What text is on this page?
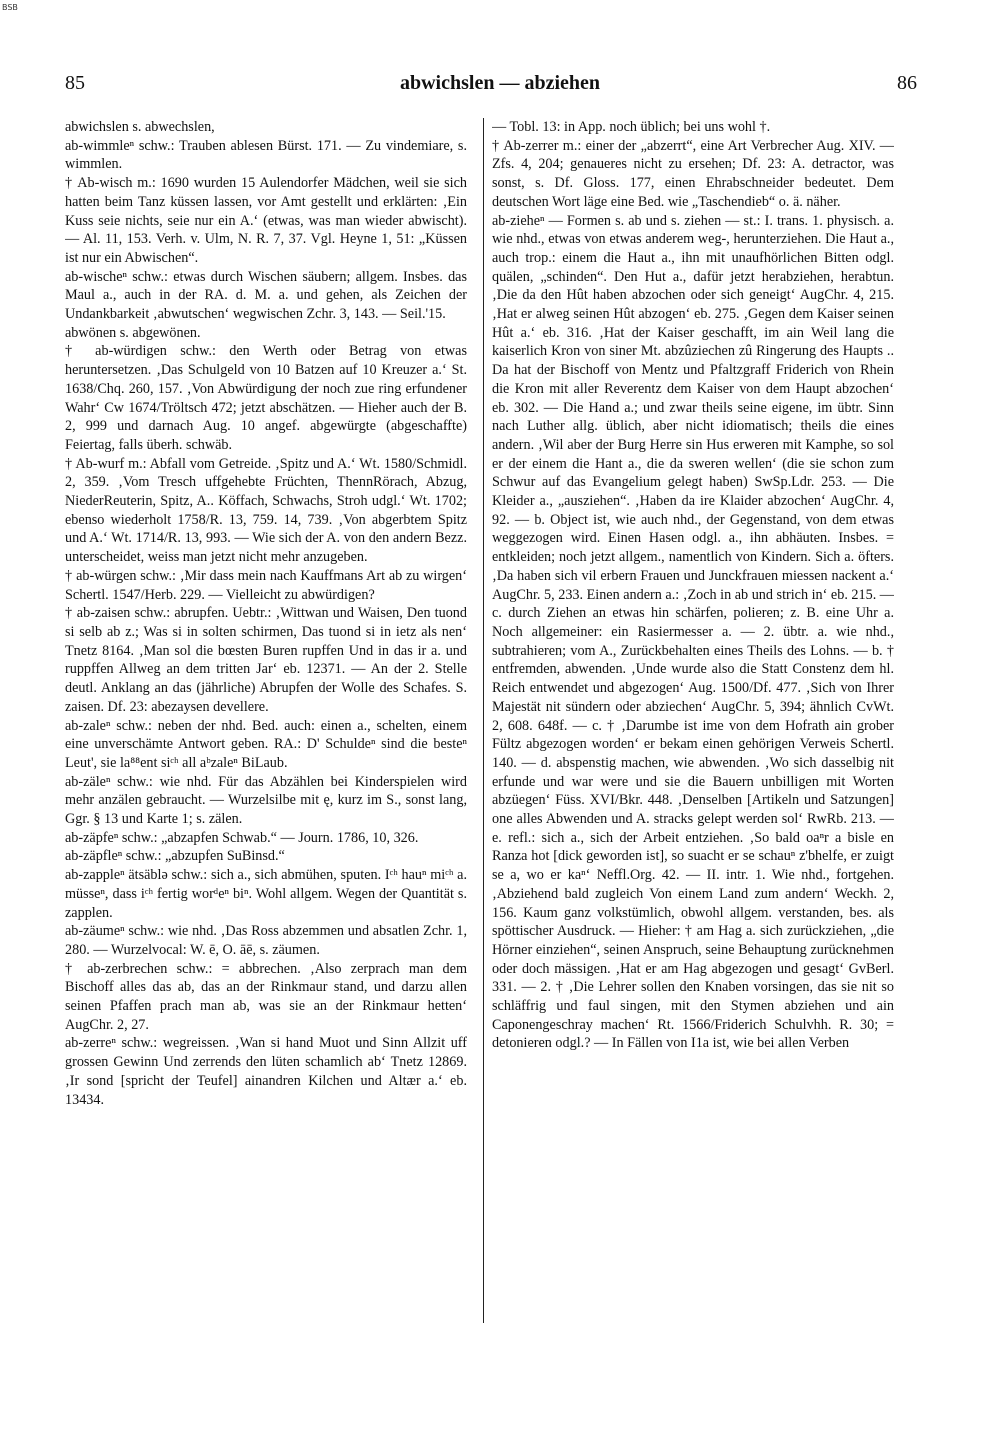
BSB
85	abwichslen — abziehen	86

abwichslen s. abwechslen,

ab-wimmleⁿ schw.: Trauben ablesen Bürst. 171. — Zu vindemiare, s. wimmlen.

† Ab-wisch m.: 1690 wurden 15 Aulendorfer Mädchen, weil sie sich hatten beim Tanz küssen lassen, vor Amt gestellt und erklärten: ‚Ein Kuss seie nichts, seie nur ein A.‘ (etwas, was man wieder abwischt). — Al. 11, 153. Verh. v. Ulm, N. R. 7, 37. Vgl. Heyne 1, 51: „Küssen ist nur ein Abwischen“.

ab-wischeⁿ schw.: etwas durch Wischen säubern; allgem. Insbes. das Maul a., auch in der RA. d. M. a. und gehen, als Zeichen der Undankbarkeit ‚abwutschen‘ wegwischen Zchr. 3, 143. — Seil.'15.

abwönen s. abgewönen.

† ab-würdigen schw.: den Werth oder Betrag von etwas heruntersetzen. ‚Das Schulgeld von 10 Batzen auf 10 Kreuzer a.‘ St. 1638/Chq. 260, 157. ‚Von Abwürdigung der noch zue ring erfundener Wahr‘ Cw 1674/Tröltsch 472; jetzt abschätzen. — Hieher auch der B. 2, 999 und darnach Aug. 10 angef. abgewürgte (abgeschaffte) Feiertag, falls überh. schwäb.

† Ab-wurf m.: Abfall vom Getreide. ‚Spitz und A.‘ Wt. 1580/Schmidl. 2, 359. ‚Vom Tresch uffgehebte Früchten, ThennRörach, Abzug, NiederReuterin, Spitz, A.. Köffach, Schwachs, Stroh udgl.‘ Wt. 1702; ebenso wiederholt 1758/R. 13, 759. 14, 739. ‚Von abgerbtem Spitz und A.‘ Wt. 1714/R. 13, 993. — Wie sich der A. von den andern Bezz. unterscheidet, weiss man jetzt nicht mehr anzugeben.

† ab-würgen schw.: ‚Mir dass mein nach Kauffmans Art ab zu wirgen‘ Schertl. 1547/Herb. 229. — Vielleicht zu abwürdigen?

† ab-zaisen schw.: abrupfen. Uebtr.: ‚Wittwan und Waisen, Den tuond si selb ab z.; Was si in solten schirmen, Das tuond si in ietz als nen‘ Tnetz 8164. ‚Man sol die bœsten Buren rupffen Und in das ir a. und ruppffen Allweg an dem tritten Jar‘ eb. 12371. — An der 2. Stelle deutl. Anklang an das (jährliche) Abrupfen der Wolle des Schafes. S. zaisen. Df. 23: abezaysen devellere.

ab-zaleⁿ schw.: neben der nhd. Bed. auch: einen a., schelten, einem eine unverschämte Antwort geben. RA.: D' Schuldeⁿ sind die besteⁿ Leut', sie la⁸⁸ent siᶜʰ all aᵇzaleⁿ BiLaub.

ab-zäleⁿ schw.: wie nhd. Für das Abzählen bei Kinderspielen wird mehr anzälen gebraucht. — Wurzelsilbe mit ę, kurz im S., sonst lang, Ggr. § 13 und Karte 1; s. zälen.

ab-zäpfeⁿ schw.: „abzapfen Schwab.“ — Journ. 1786, 10, 326.

ab-zäpfleⁿ schw.: „abzupfen SuBinsd.“

ab-zappleⁿ ätsäblə schw.: sich a., sich abmühen, sputen. Iᶜʰ hauⁿ miᶜʰ a. müsseⁿ, dass iᶜʰ fertig worᵈeⁿ biⁿ. Wohl allgem. Wegen der Quantität s. zapplen.

ab-zäumeⁿ schw.: wie nhd. ‚Das Ross abzemmen und absatlen Zchr. 1, 280. — Wurzelvocal: W. ē, O. āē, s. zäumen.

† ab-zerbrechen schw.: = abbrechen. ‚Also zerprach man dem Bischoff alles das ab, das an der Rinkmaur stand, und darzu allen seinen Pfaffen prach man ab, was sie an der Rinkmaur hetten‘ AugChr. 2, 27.

ab-zerreⁿ schw.: wegreissen. ‚Wan si hand Muot und Sinn Allzit uff grossen Gewinn Und zerrends den lüten schamlich ab‘ Tnetz 12869. ‚Ir sond [spricht der Teufel] ainandren Kilchen und Altær a.‘ eb. 13434.

— Tobl. 13: in App. noch üblich; bei uns wohl †.

† Ab-zerrer m.: einer der „abzerrt“, eine Art Verbrecher Aug. XIV. — Zfs. 4, 204; genaueres nicht zu ersehen; Df. 23: A. detractor, was sonst, s. Df. Gloss. 177, einen Ehrabschneider bedeutet. Dem deutschen Wort läge eine Bed. wie „Taschendieb“ o. ä. näher.

ab-zieheⁿ — Formen s. ab und s. ziehen — st.: I. trans. 1. physisch. a. wie nhd., etwas von etwas anderem weg-, herunterziehen. Die Haut a., auch trop.: einem die Haut a., ihn mit unaufhörlichen Bitten odgl. quälen, „schinden“. Den Hut a., dafür jetzt herabziehen, herabtun. ‚Die da den Hût haben abzochen oder sich geneigt‘ AugChr. 4, 215. ‚Hat er alweg seinen Hût abzogen‘ eb. 275. ‚Gegen dem Kaiser seinen Hût a.‘ eb. 316. ‚Hat der Kaiser geschafft, im ain Weil lang die kaiserlich Kron von siner Mt. abzûziechen zû Ringerung des Haupts .. Da hat der Bischoff von Mentz und Pfaltzgraff Friderich von Rhein die Kron mit aller Reverentz dem Kaiser von dem Haupt abzochen‘ eb. 302. — Die Hand a.; und zwar theils seine eigene, im übtr. Sinn nach Luther allg. üblich, aber nicht idiomatisch; theils die eines andern. ‚Wil aber der Burg Herre sin Hus erweren mit Kamphe, so sol er der einem die Hant a., die da sweren wellen‘ (die sie schon zum Schwur auf das Evangelium gelegt haben) SwSp.Ldr. 253. — Die Kleider a., „ausziehen“. ‚Haben da ire Klaider abzochen‘ AugChr. 4, 92. — b. Object ist, wie auch nhd., der Gegenstand, von dem etwas weggezogen wird. Einen Hasen odgl. a., ihn abhäuten. Insbes. = entkleiden; noch jetzt allgem., namentlich von Kindern. Sich a. öfters. ‚Da haben sich vil erbern Frauen und Junckfrauen miessen nackent a.‘ AugChr. 5, 233. Einen andern a.: ‚Zoch in ab und strich in‘ eb. 215. — c. durch Ziehen an etwas hin schärfen, polieren; z. B. eine Uhr a. Noch allgemeiner: ein Rasiermesser a. — 2. übtr. a. wie nhd., subtrahieren; vom A., Zurückbehalten eines Theils des Lohns. — b. † entfremden, abwenden. ‚Unde wurde also die Statt Constenz dem hl. Reich entwendet und abgezogen‘ Aug. 1500/Df. 477. ‚Sich von Ihrer Majestät nit sündern oder abziechen‘ AugChr. 5, 394; ähnlich CvWt. 2, 608. 648f. — c. † ‚Darumbe ist ime von dem Hofrath ain grober Fültz abgezogen worden‘ er bekam einen gehörigen Verweis Schertl. 140. — d. abspenstig machen, wie abwenden. ‚Wo sich dasselbig nit erfunde und war were und sie die Bauern unbilligen mit Worten abzüegen‘ Füss. XVI/Bkr. 448. ‚Denselben [Artikeln und Satzungen] one alles Abwenden und A. stracks gelept werden sol‘ RwRb. 213. — e. refl.: sich a., sich der Arbeit entziehen. ‚So bald oaⁿr a bisle en Ranza hot [dick geworden ist], so suacht er se schauⁿ z'bhelfe, er zuigt se a, wo er kaⁿ‘ Neffl.Org. 42. — II. intr. 1. Wie nhd., fortgehen. ‚Abziehend bald zugleich Von einem Land zum andern‘ Weckh. 2, 156. Kaum ganz volkstümlich, obwohl allgem. verstanden, bes. als spöttischer Ausdruck. — Hieher: † am Hag a. sich zurückziehen, „die Hörner einziehen“, seinen Anspruch, seine Behauptung zurücknehmen oder doch mässigen. ‚Hat er am Hag abgezogen und gesagt‘ GvBerl. 331. — 2. † ‚Die Lehrer sollen den Knaben vorsingen, das sie nit so schläffrig und faul singen, mit den Stymen abziehen und ain Caponengeschray machen‘ Rt. 1566/Friderich Schulvhh. R. 30; = detonieren odgl.? — In Fällen von I1a ist, wie bei allen Verben
